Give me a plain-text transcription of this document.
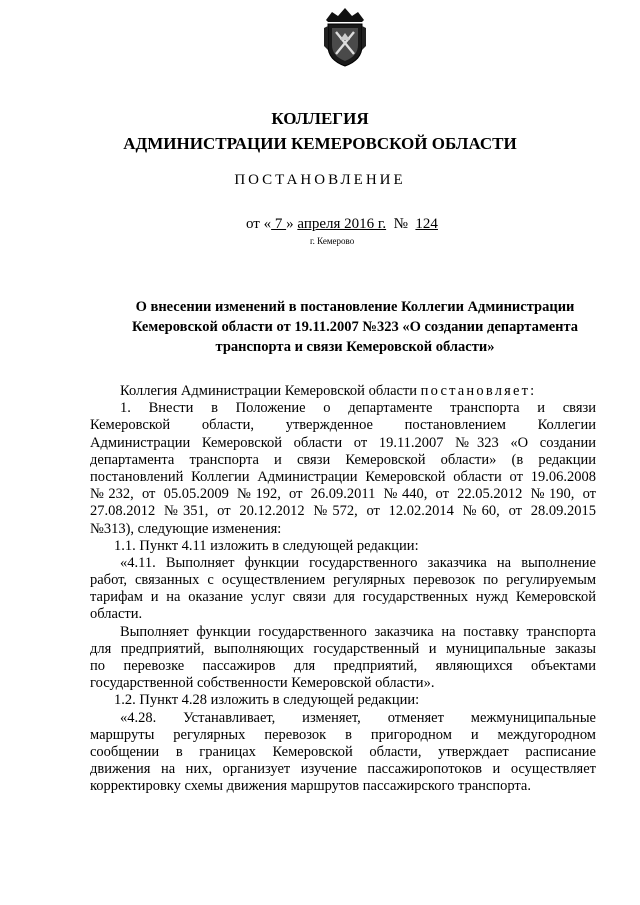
КОЛЛЕГИЯ
АДМИНИСТРАЦИИ КЕМЕРОВСКОЙ ОБЛАСТИ
ПОСТАНОВЛЕНИЕ
от « 7 » апреля 2016 г. № 124
г. Кемерово
О внесении изменений в постановление Коллегии Администрации
Кемеровской области от 19.11.2007 №323 «О создании департамента
транспорта и связи Кемеровской области»
Коллегия Администрации Кемеровской области постановляет:
1. Внести в Положение о департаменте транспорта и связи
Кемеровской области, утвержденное постановлением Коллегии
Администрации Кемеровской области от 19.11.2007 №323 «О создании
департамента транспорта и связи Кемеровской области» (в редакции
постановлений Коллегии Администрации Кемеровской области от 19.06.2008
№232, от 05.05.2009 №192, от 26.09.2011 №440, от 22.05.2012 №190, от
27.08.2012 №351, от 20.12.2012 №572, от 12.02.2014 №60, от 28.09.2015
№313), следующие изменения:
1.1. Пункт 4.11 изложить в следующей редакции:
«4.11. Выполняет функции государственного заказчика на выполнение
работ, связанных с осуществлением регулярных перевозок по регулируемым
тарифам и на оказание услуг связи для государственных нужд Кемеровской
области.
Выполняет функции государственного заказчика на поставку транспорта
для предприятий, выполняющих государственный и муниципальные заказы
по перевозке пассажиров для предприятий, являющихся объектами
государственной собственности Кемеровской области».
1.2. Пункт 4.28 изложить в следующей редакции:
«4.28. Устанавливает, изменяет, отменяет межмуниципальные
маршруты регулярных перевозок в пригородном и междугородном
сообщении в границах Кемеровской области, утверждает расписание
движения на них, организует изучение пассажиропотоков и осуществляет
корректировку схемы движения маршрутов пассажирского транспорта.
